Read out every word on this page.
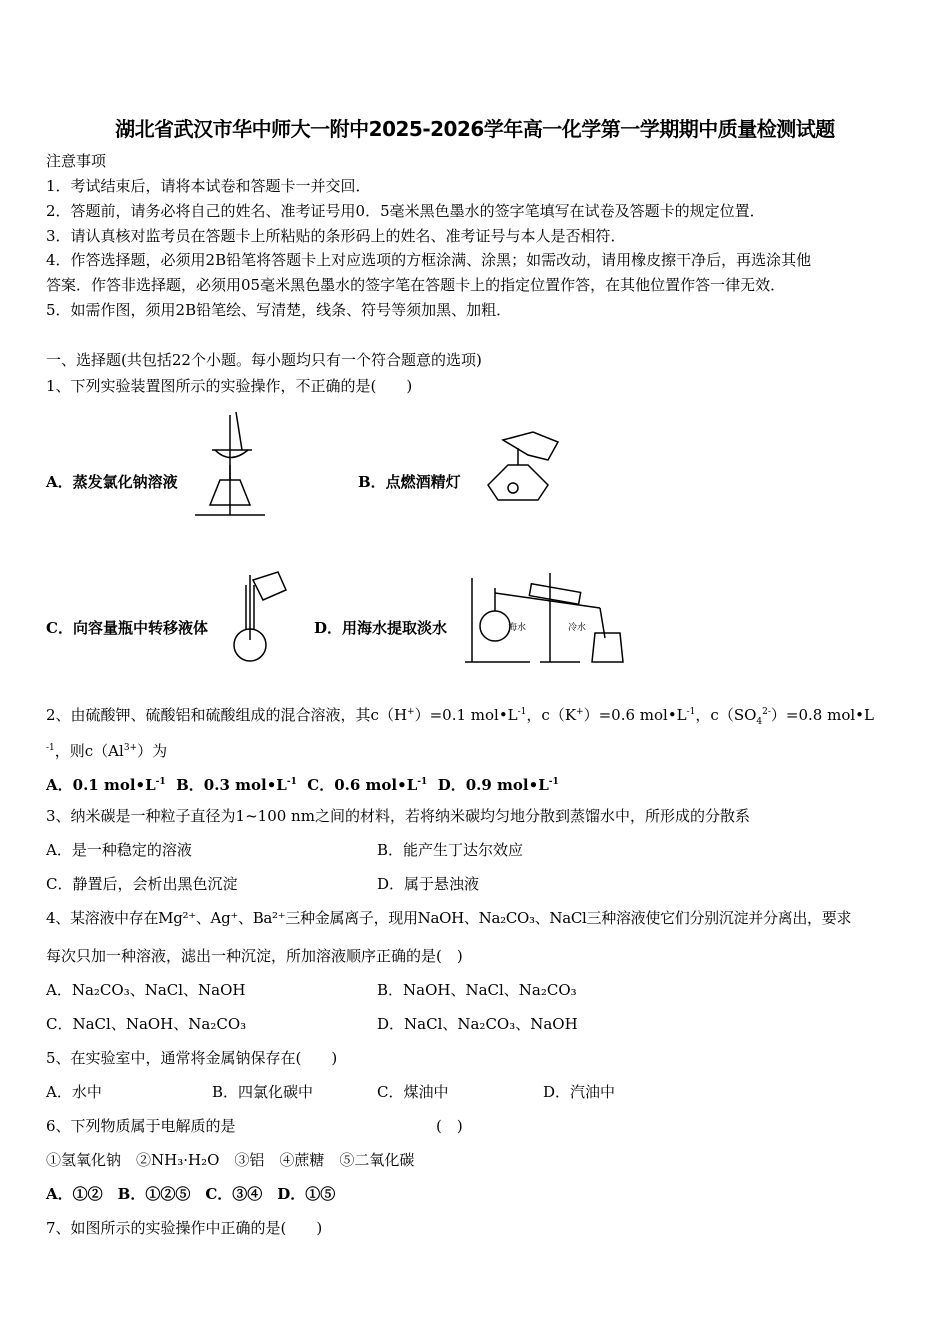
湖北省武汉市华中师大一附中2025-2026学年高一化学第一学期期中质量检测试题
注意事项
1．考试结束后，请将本试卷和答题卡一并交回．
2．答题前，请务必将自己的姓名、准考证号用0．5毫米黑色墨水的签字笔填写在试卷及答题卡的规定位置．
3．请认真核对监考员在答题卡上所粘贴的条形码上的姓名、准考证号与本人是否相符．
4．作答选择题，必须用2B铅笔将答题卡上对应选项的方框涂满、涂黑；如需改动，请用橡皮擦干净后，再选涂其他
答案．作答非选择题，必须用05毫米黑色墨水的签字笔在答题卡上的指定位置作答，在其他位置作答一律无效．
5．如需作图，须用2B铅笔绘、写清楚，线条、符号等须加黑、加粗．
一、选择题(共包括22个小题。每小题均只有一个符合题意的选项)
1、下列实验装置图所示的实验操作，不正确的是(　　)
A．蒸发氯化钠溶液	B．点燃酒精灯
C．向容量瓶中转移液体	D．用海水提取淡水	海水	冷水
2、由硫酸钾、硫酸铝和硫酸组成的混合溶液，其c（H+）=0.1 $mol•L^{-1}$，c（K+）=0.6 $mol•L^{-1}$，$c(SO_4^{2-})=0.8$ mol•L
$^{-1}$，则$c(Al^{3+})$为
A．0.1 $mol•L^{-1}$ B．0.3 $mol•L^{-1}$ C．0.6 $mol•L^{-1}$ D．0.9 $mol•L^{-1}$
3、纳米碳是一种粒子直径为1~100 nm之间的材料，若将纳米碳均匀地分散到蒸馏水中，所形成的分散系
A．是一种稳定的溶液	B．能产生丁达尔效应
C．静置后，会析出黑色沉淀	D．属于悬浊液
4、某溶液中存在Mg²⁺、Ag⁺、Ba²⁺三种金属离子，现用NaOH、Na₂CO₃、NaCl三种溶液使它们分别沉淀并分离出，要求
每次只加一种溶液，滤出一种沉淀，所加溶液顺序正确的是(　)
A．Na₂CO₃、NaCl、NaOH	B．NaOH、NaCl、Na₂CO₃
C．NaCl、NaOH、Na₂CO₃	D．NaCl、Na₂CO₃、NaOH
5、在实验室中，通常将金属钠保存在(　　)
A．水中	B．四氯化碳中	C．煤油中	D．汽油中
6、下列物质属于电解质的是	(　)
①氢氧化钠　②NH₃·H₂O　③铝　④蔗糖　⑤二氧化碳
A．①②　B．①②⑤　C．③④　D．①⑤
7、如图所示的实验操作中正确的是(　　)
